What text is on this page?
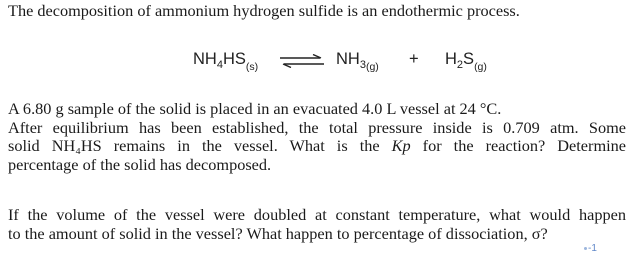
The decomposition of ammonium hydrogen sulfide is an endothermic process.
$NH_4HS_{(s)}$ ⇌ $NH_{3(g)} + H_2S_{(g)}$
A 6.80 g sample of the solid is placed in an evacuated 4.0 L vessel at 24 °C.
After equilibrium has been established, the total pressure inside is 0.709 atm. Some
solid NH₄HS remains in the vessel. What is the Kp for the reaction? Determine
percentage of the solid has decomposed.
If the volume of the vessel were doubled at constant temperature, what would happen
to the amount of solid in the vessel? What happen to percentage of dissociation, σ?
-1
